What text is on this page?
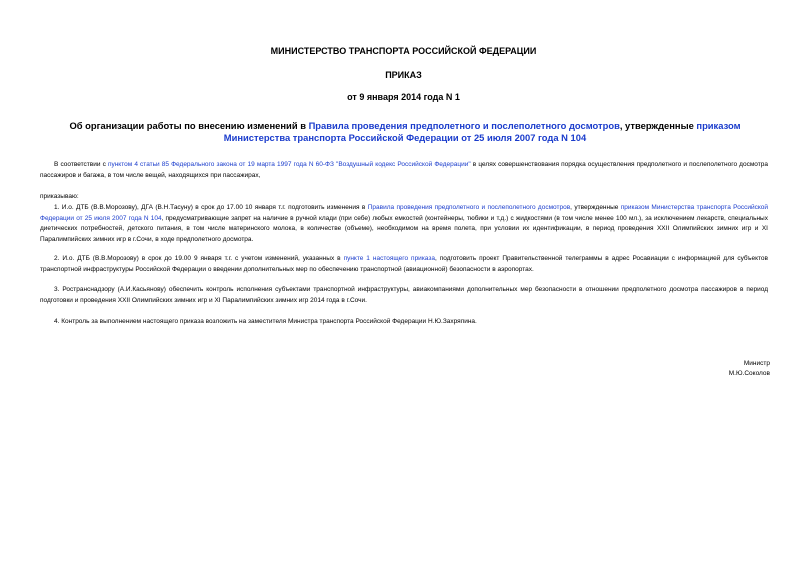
МИНИСТЕРСТВО ТРАНСПОРТА РОССИЙСКОЙ ФЕДЕРАЦИИ
ПРИКАЗ
от 9 января 2014 года N 1
Об организации работы по внесению изменений в Правила проведения предполетного и послеполетного досмотров, утвержденные приказом Министерства транспорта Российской Федерации от 25 июля 2007 года N 104
В соответствии с пунктом 4 статьи 85 Федерального закона от 19 марта 1997 года N 60-ФЗ "Воздушный кодекс Российской Федерации" в целях совершенствования порядка осуществления предполетного и послеполетного досмотра пассажиров и багажа, в том числе вещей, находящихся при пассажирах,
приказываю:
1. И.о. ДТБ (В.В.Морозову), ДГА (В.Н.Тасуну) в срок до 17.00 10 января т.г. подготовить изменения в Правила проведения предполетного и послеполетного досмотров, утвержденные приказом Министерства транспорта Российской Федерации от 25 июля 2007 года N 104, предусматривающие запрет на наличие в ручной клади (при себе) любых емкостей (контейнеры, тюбики и т.д.) с жидкостями (в том числе менее 100 мл.), за исключением лекарств, специальных диетических потребностей, детского питания, в том числе материнского молока, в количестве (объеме), необходимом на время полета, при условии их идентификации, в период проведения XXII Олимпийских зимних игр и XI Паралимпийских зимних игр в г.Сочи, в ходе предполетного досмотра.
2. И.о. ДТБ (В.В.Морозову) в срок до 19.00 9 января т.г. с учетом изменений, указанных в пункте 1 настоящего приказа, подготовить проект Правительственной телеграммы в адрес Росавиации с информацией для субъектов транспортной инфраструктуры Российской Федерации о введении дополнительных мер по обеспечению транспортной (авиационной) безопасности в аэропортах.
3. Ространснадзору (А.И.Касьянову) обеспечить контроль исполнения субъектами транспортной инфраструктуры, авиакомпаниями дополнительных мер безопасности в отношении предполетного досмотра пассажиров в период подготовки и проведения XXII Олимпийских зимних игр и XI Паралимпийских зимних игр 2014 года в г.Сочи.
4. Контроль за выполнением настоящего приказа возложить на заместителя Министра транспорта Российской Федерации Н.Ю.Захряпина.
Министр
М.Ю.Соколов
